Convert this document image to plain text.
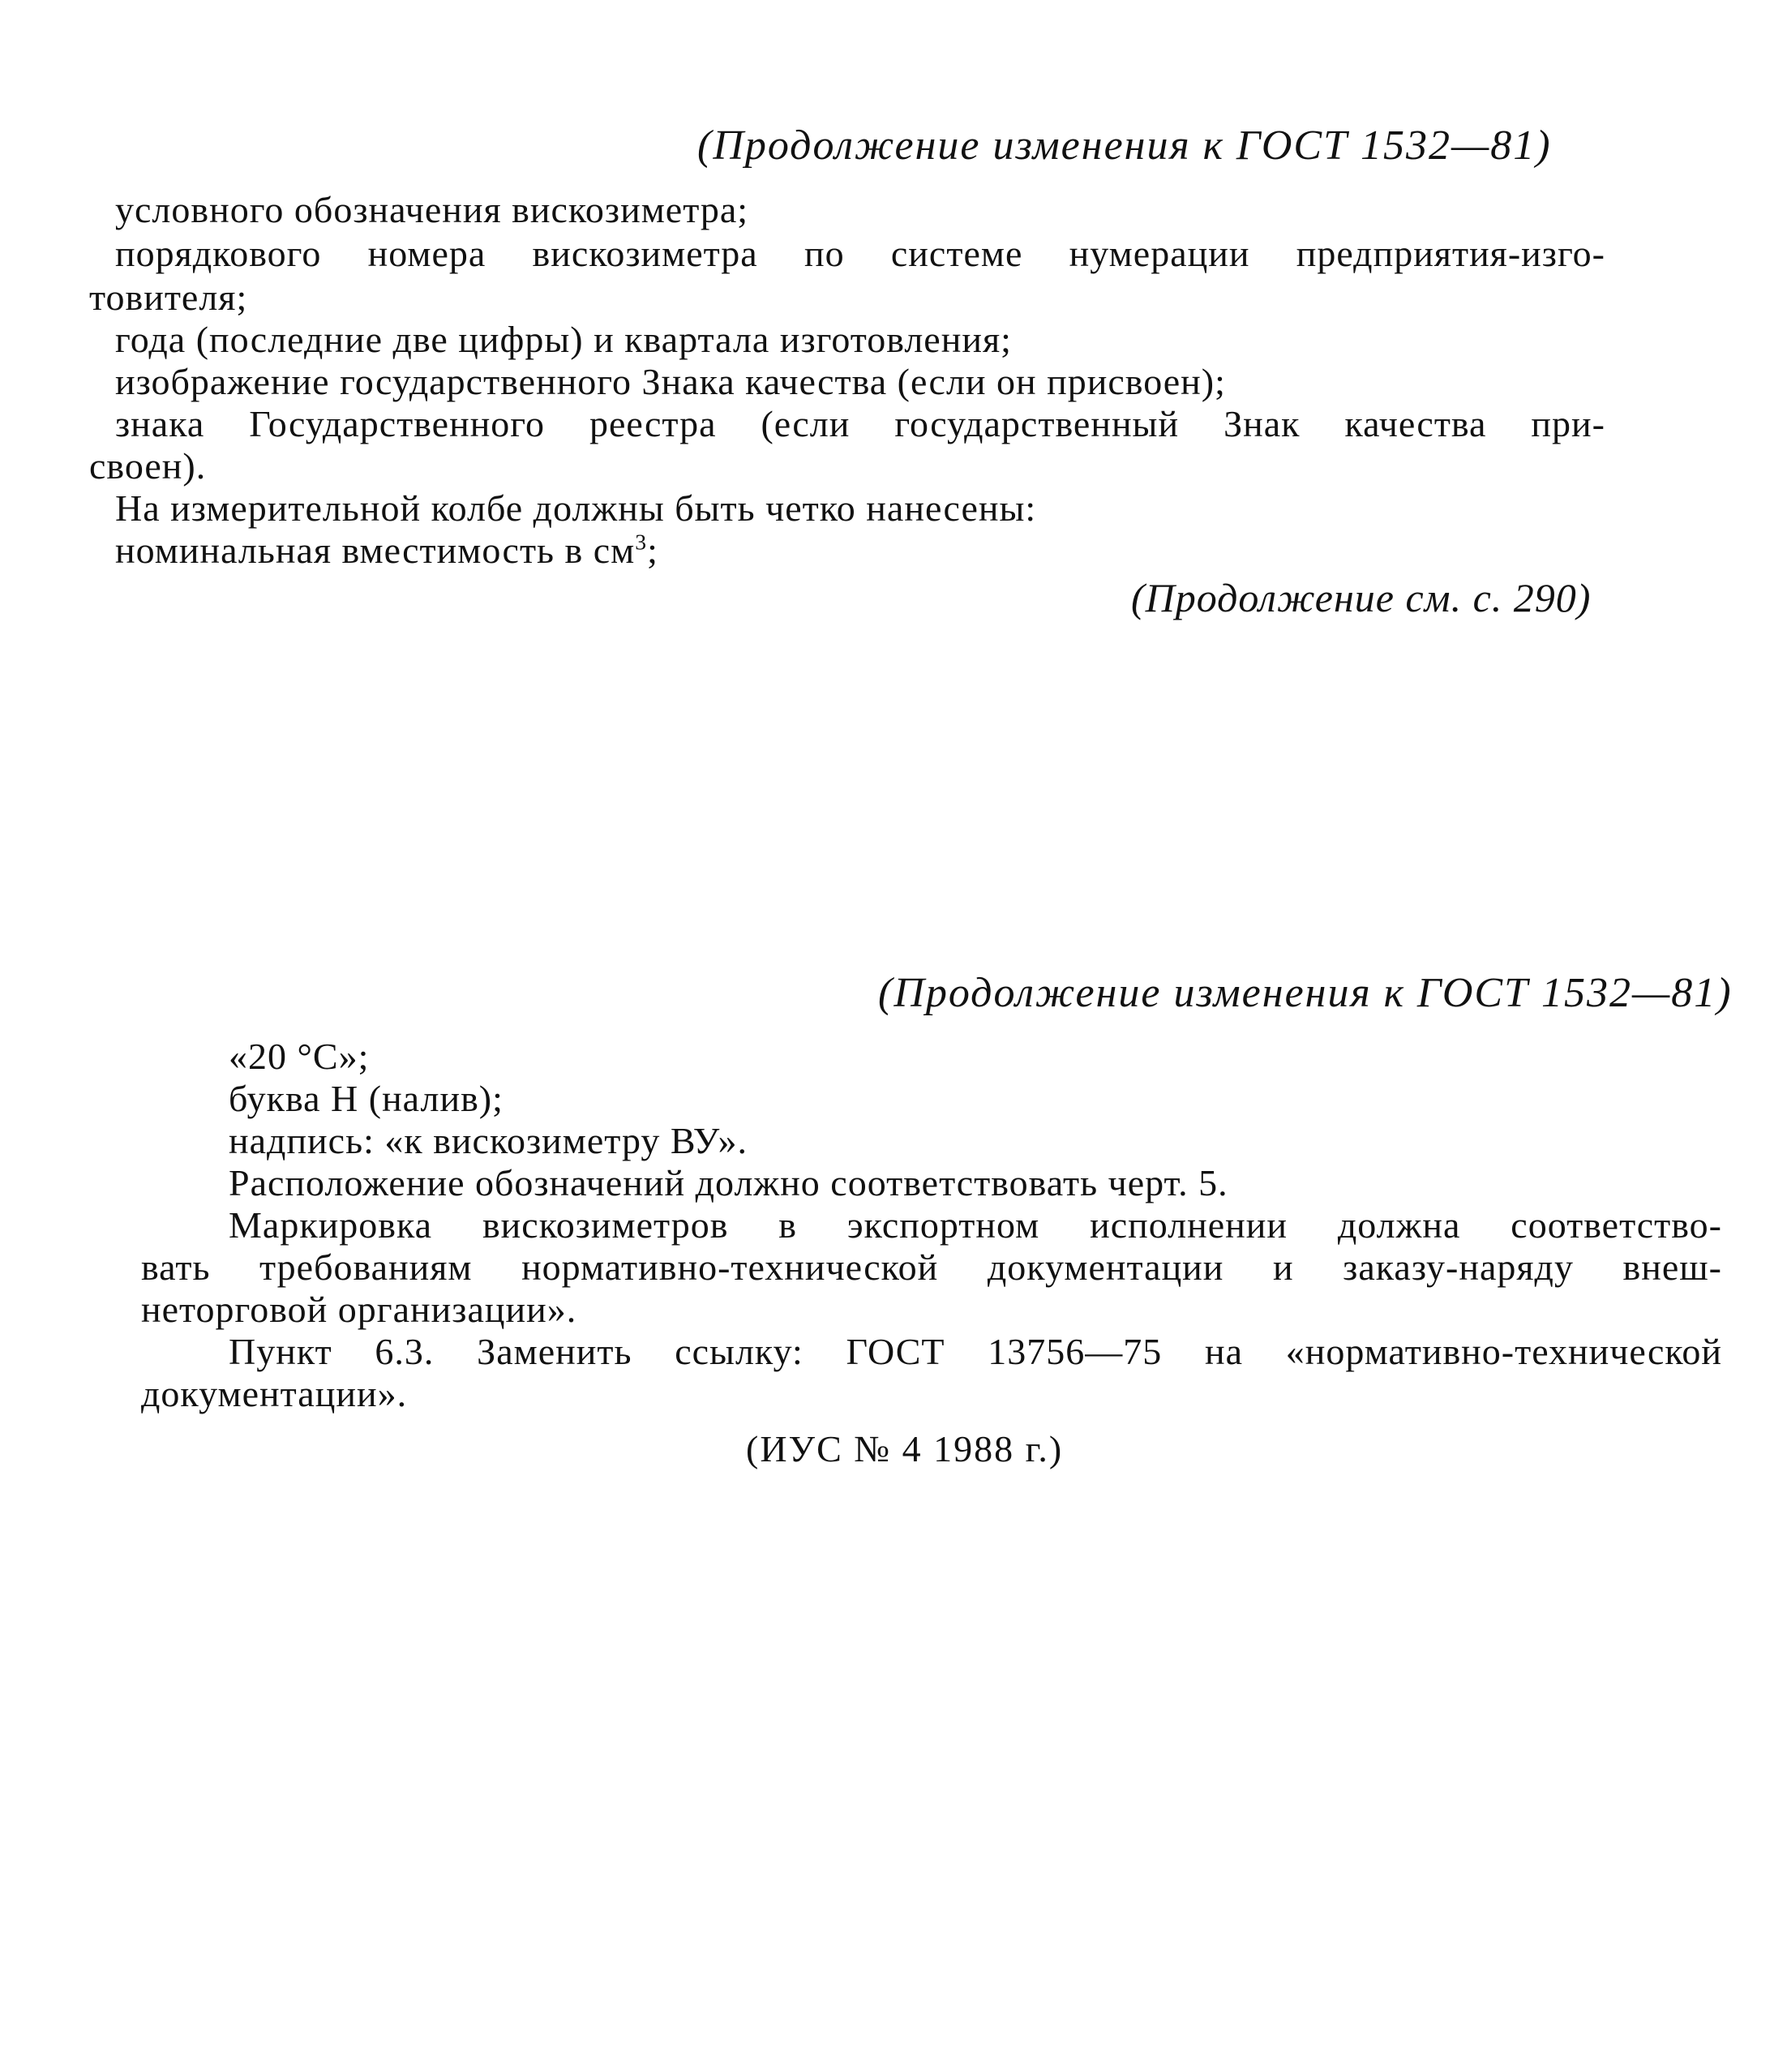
(Продолжение изменения к ГОСТ 1532—81)
условного обозначения вискозиметра;
порядкового номера вискозиметра по системе нумерации предприятия-изго-
товителя;
года (последние две цифры) и квартала изготовления;
изображение государственного Знака качества (если он присвоен);
знака Государственного реестра (если государственный Знак качества при-
своен).
На измерительной колбе должны быть четко нанесены:
номинальная вместимость в $см^3$;
(Продолжение см. с. 290)
(Продолжение изменения к ГОСТ 1532—81)
«20 °С»;
буква Н (налив);
надпись: «к вискозиметру ВУ».
Расположение обозначений должно соответствовать черт. 5.
Маркировка вискозиметров в экспортном исполнении должна соответство-
вать требованиям нормативно-технической документации и заказу-наряду внеш-
неторговой организации».
Пункт 6.3. Заменить ссылку: ГОСТ 13756—75 на «нормативно-технической
документации».
(ИУС № 4 1988 г.)
